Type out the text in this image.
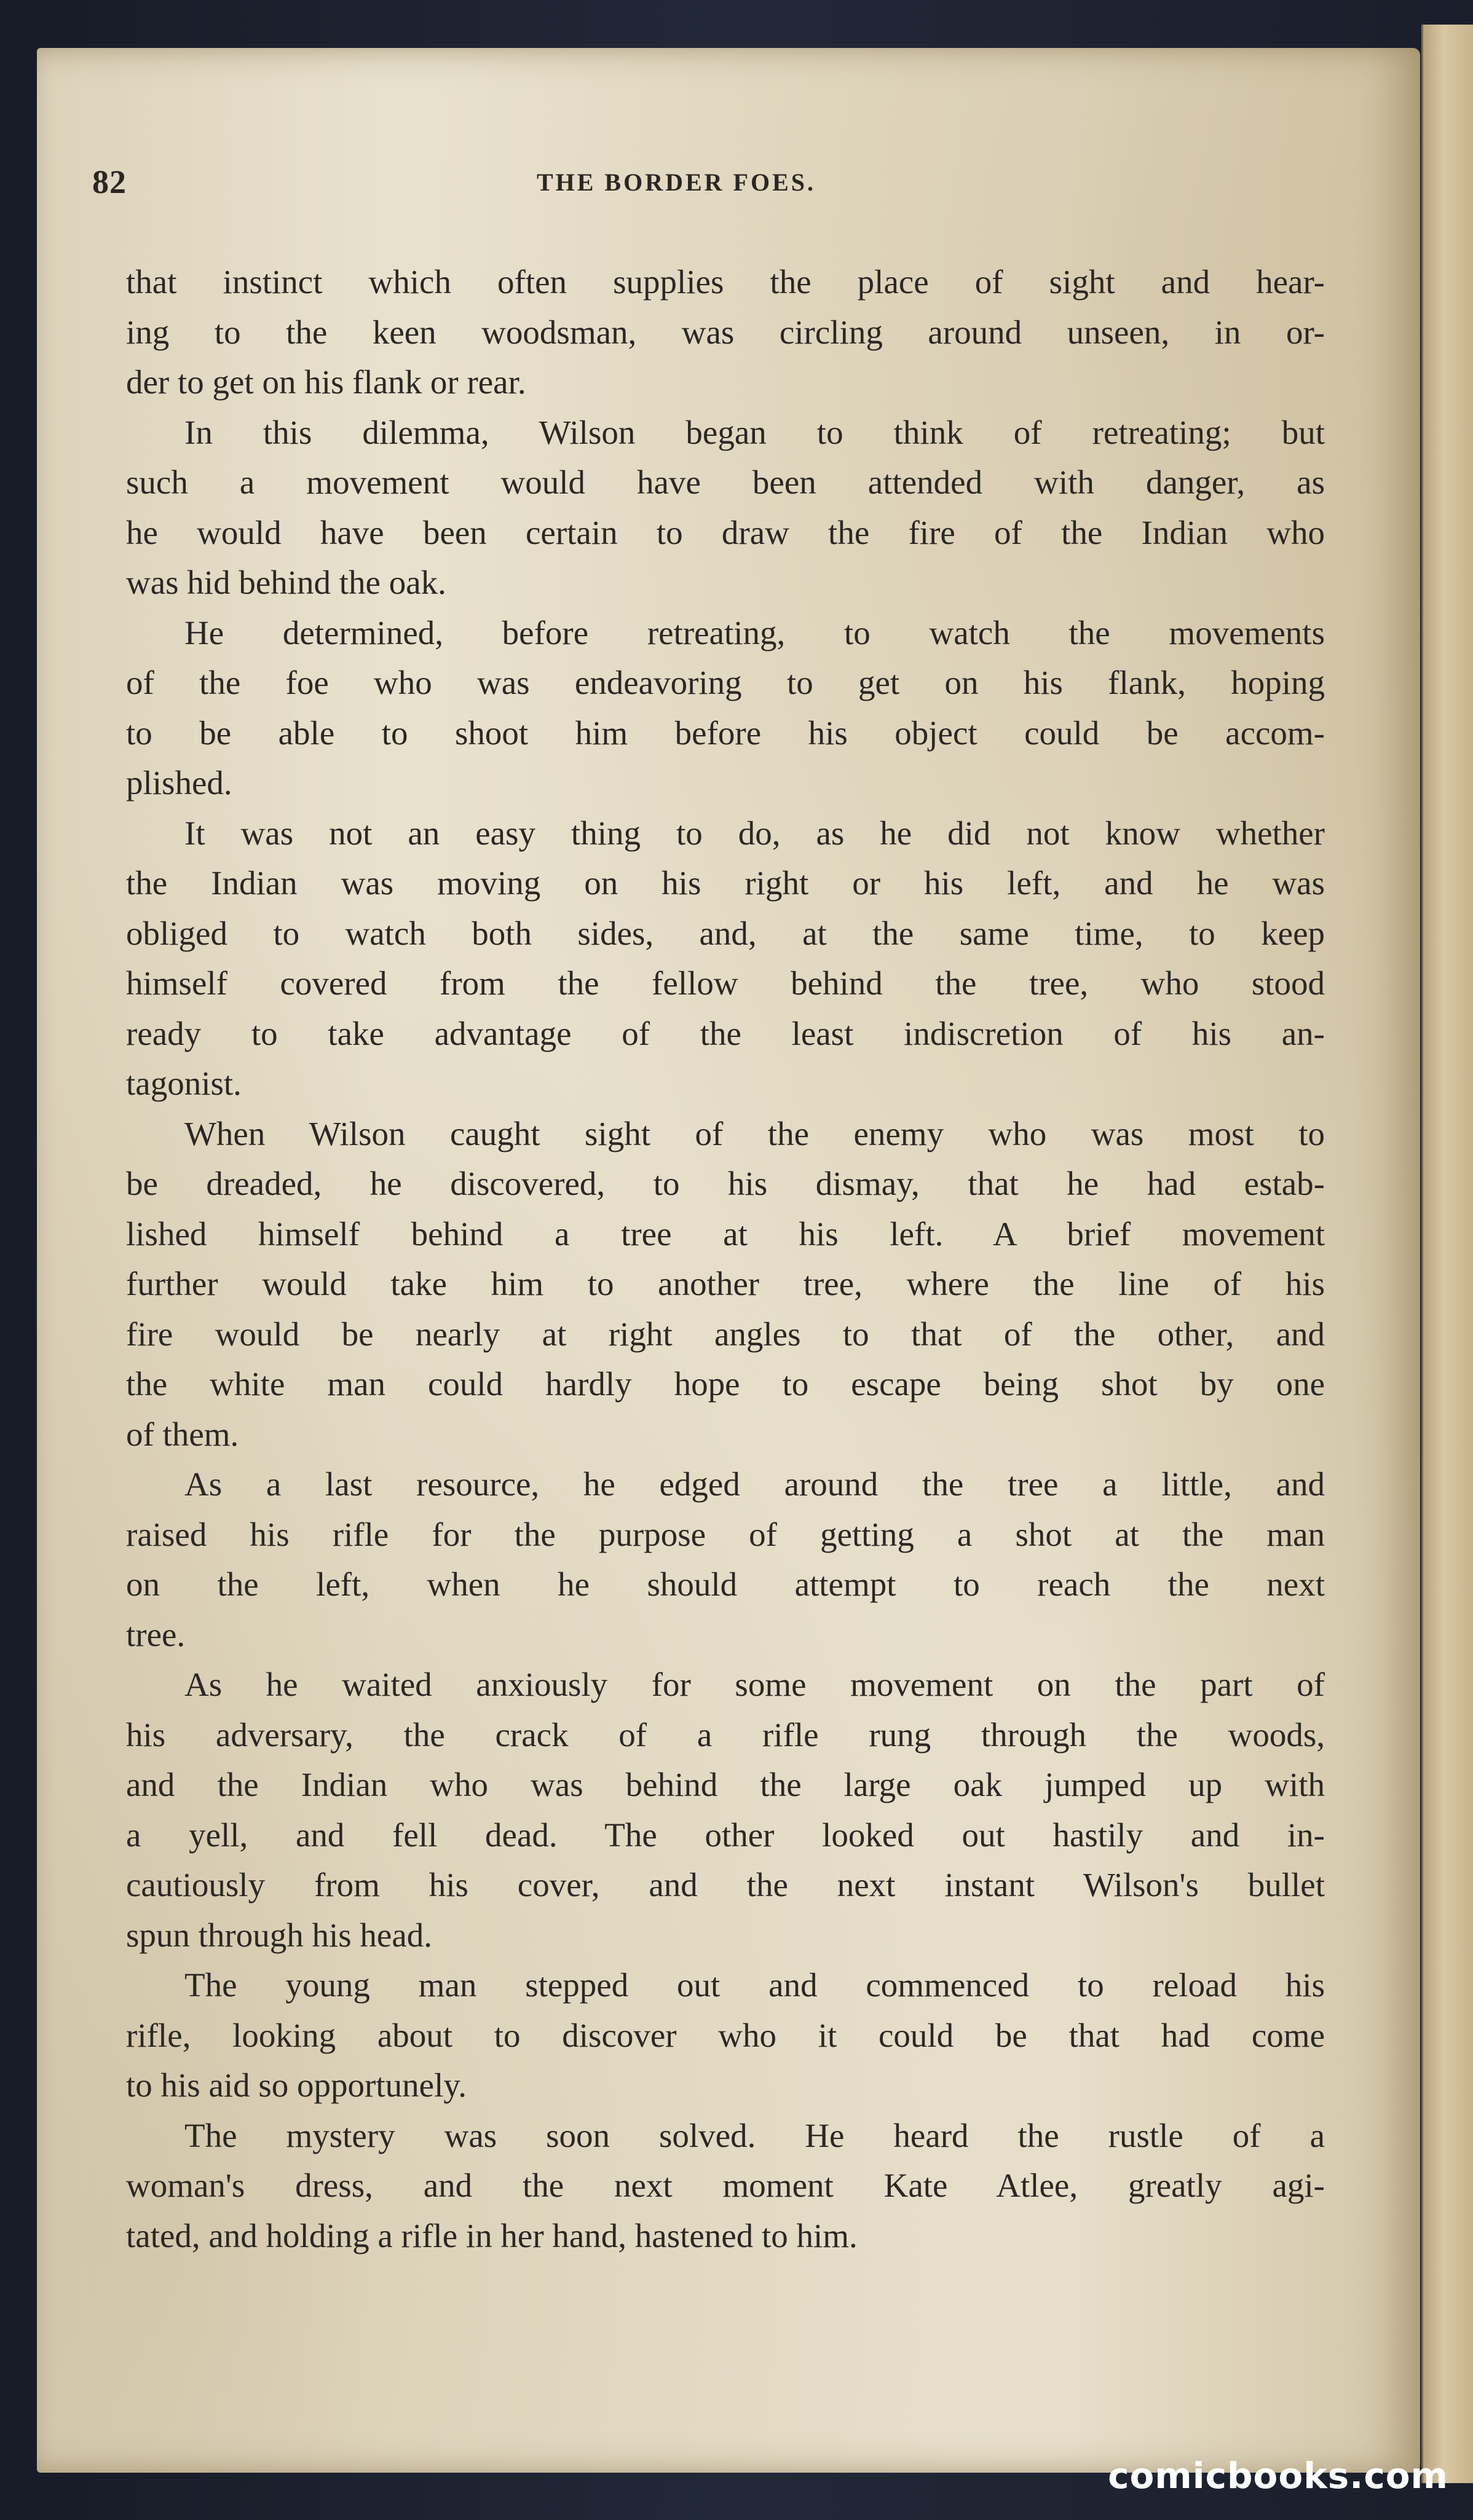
82	THE BORDER FOES.
that instinct which often supplies the place of sight and hear-
ing to the keen woodsman, was circling around unseen, in or-
der to get on his flank or rear.
In this dilemma, Wilson began to think of retreating; but
such a movement would have been attended with danger, as
he would have been certain to draw the fire of the Indian who
was hid behind the oak.
He determined, before retreating, to watch the movements
of the foe who was endeavoring to get on his flank, hoping
to be able to shoot him before his object could be accom-
plished.
It was not an easy thing to do, as he did not know whether
the Indian was moving on his right or his left, and he was
obliged to watch both sides, and, at the same time, to keep
himself covered from the fellow behind the tree, who stood
ready to take advantage of the least indiscretion of his an-
tagonist.
When Wilson caught sight of the enemy who was most to
be dreaded, he discovered, to his dismay, that he had estab-
lished himself behind a tree at his left. A brief movement
further would take him to another tree, where the line of his
fire would be nearly at right angles to that of the other, and
the white man could hardly hope to escape being shot by one
of them.
As a last resource, he edged around the tree a little, and
raised his rifle for the purpose of getting a shot at the man
on the left, when he should attempt to reach the next
tree.
As he waited anxiously for some movement on the part of
his adversary, the crack of a rifle rung through the woods,
and the Indian who was behind the large oak jumped up with
a yell, and fell dead. The other looked out hastily and in-
cautiously from his cover, and the next instant Wilson's bullet
spun through his head.
The young man stepped out and commenced to reload his
rifle, looking about to discover who it could be that had come
to his aid so opportunely.
The mystery was soon solved. He heard the rustle of a
woman's dress, and the next moment Kate Atlee, greatly agi-
tated, and holding a rifle in her hand, hastened to him.
comicbooks.com
